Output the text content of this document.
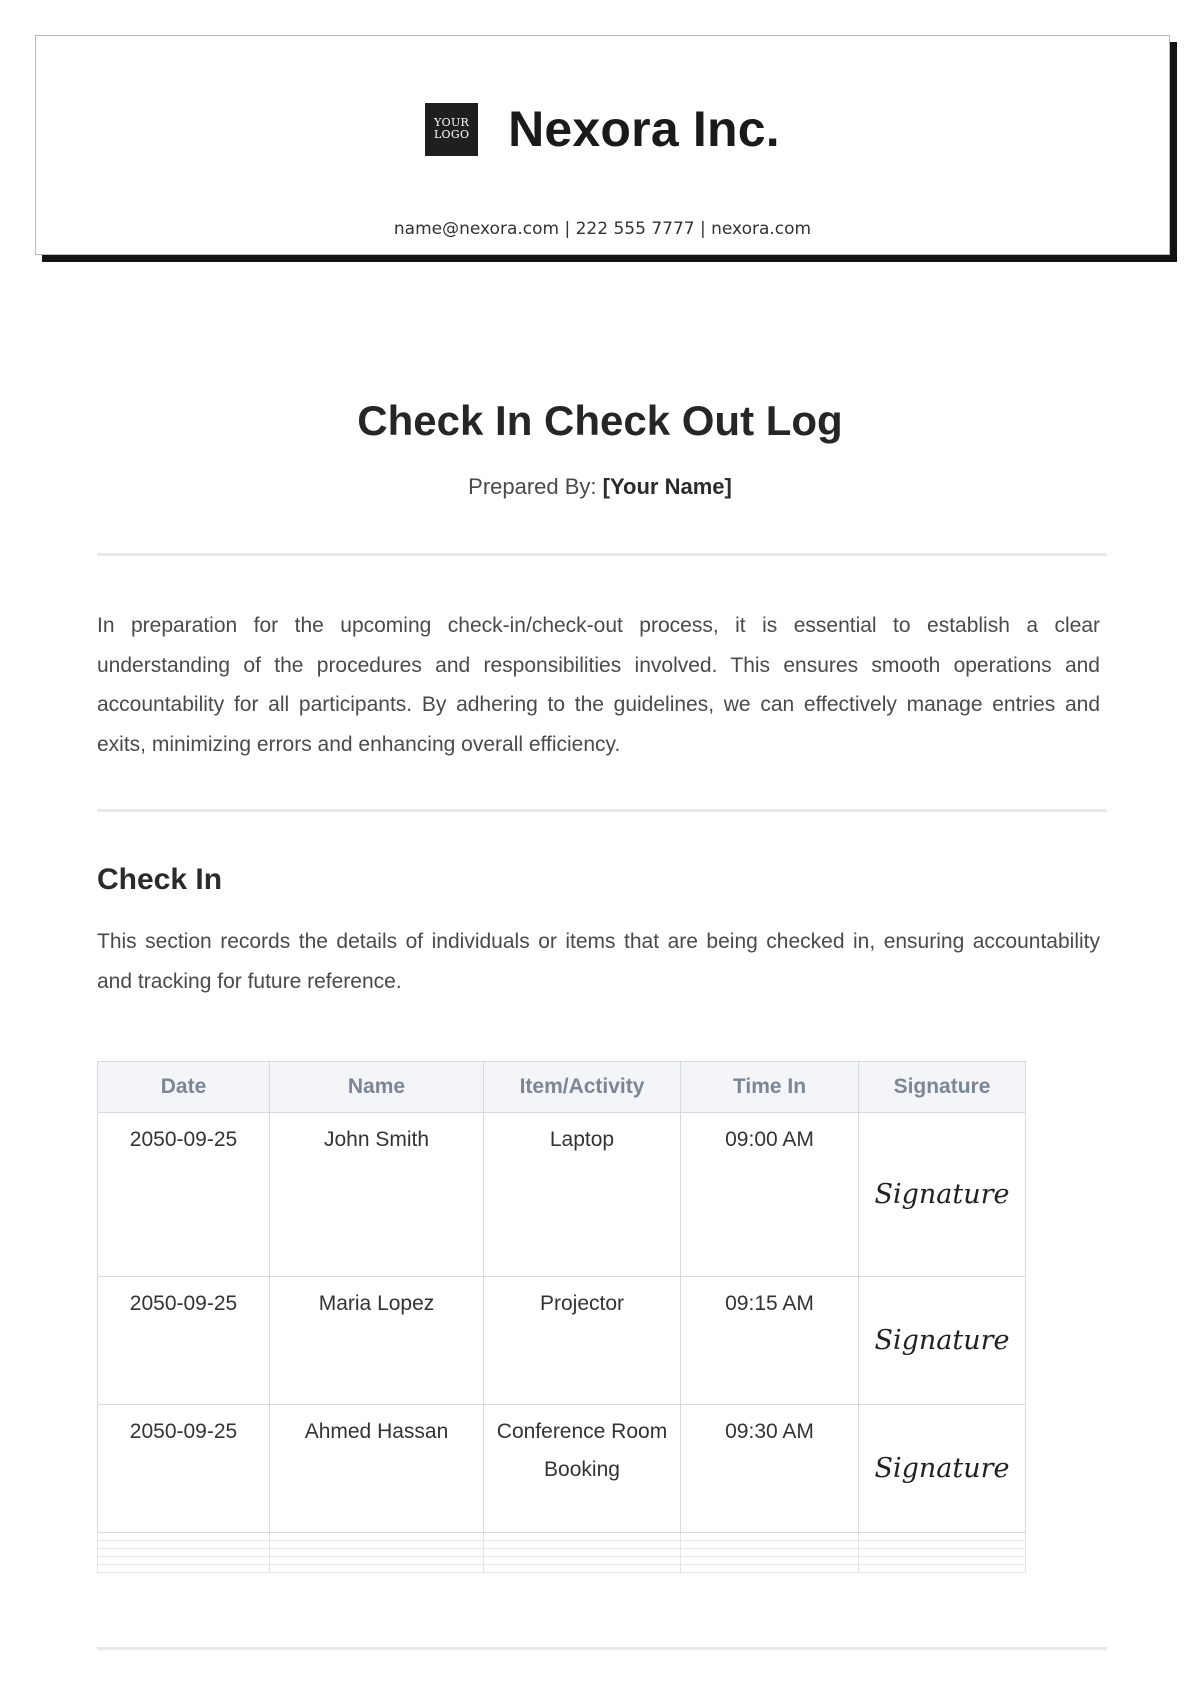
YOUR
LOGO Nexora Inc.
name@nexora.com | 222 555 7777 | nexora.com
Check In Check Out Log
Prepared By: [Your Name]

In preparation for the upcoming check-in/check-out process, it is essential to establish a clear understanding of the procedures and responsibilities involved. This ensures smooth operations and accountability for all participants. By adhering to the guidelines, we can effectively manage entries and exits, minimizing errors and enhancing overall efficiency.

Check In

This section records the details of individuals or items that are being checked in, ensuring accountability and tracking for future reference.

Date	Name	Item/Activity	Time In	Signature
2050-09-25	John Smith	Laptop	09:00 AM	Signature

2050-09-25	Maria Lopez	Projector	09:15 AM	Signature

2050-09-25	Ahmed Hassan	Conference Room Booking	09:30 AM	Signature
